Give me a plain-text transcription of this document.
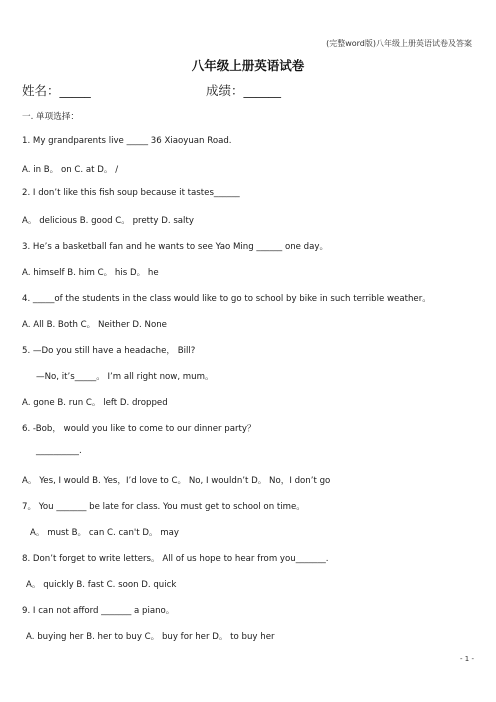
(完整word版)八年级上册英语试卷及答案
八年级上册英语试卷
姓名：_____	成绩：______
一. 单项选择：
1. My grandparents live _____ 36 Xiaoyuan Road.
A. in B。 on C. at D。 /
2. I don’t like this fish soup because it tastes______
A。 delicious B. good C。 pretty D. salty
3. He’s a basketball fan and he wants to see Yao Ming ______ one day。
A. himself B. him C。 his D。 he
4. _____of the students in the class would like to go to school by bike in such terrible weather。
A. All B. Both C。 Neither D. None
5. —Do you still have a headache， Bill?
—No, it’s_____。 I’m all right now, mum。
A. gone B. run C。 left D. dropped
6. -Bob， would you like to come to our dinner party？
__________.
A。 Yes, I would B. Yes，I’d love to C。 No, I wouldn’t D。 No，I don’t go
7。 You _______ be late for class. You must get to school on time。
A。 must B。 can C. can't D。 may
8. Don’t forget to write letters。 All of us hope to hear from you_______.
A。 quickly B. fast C. soon D. quick
9. I can not afford _______ a piano。
A. buying her B. her to buy C。 buy for her D。 to buy her
- 1 -
